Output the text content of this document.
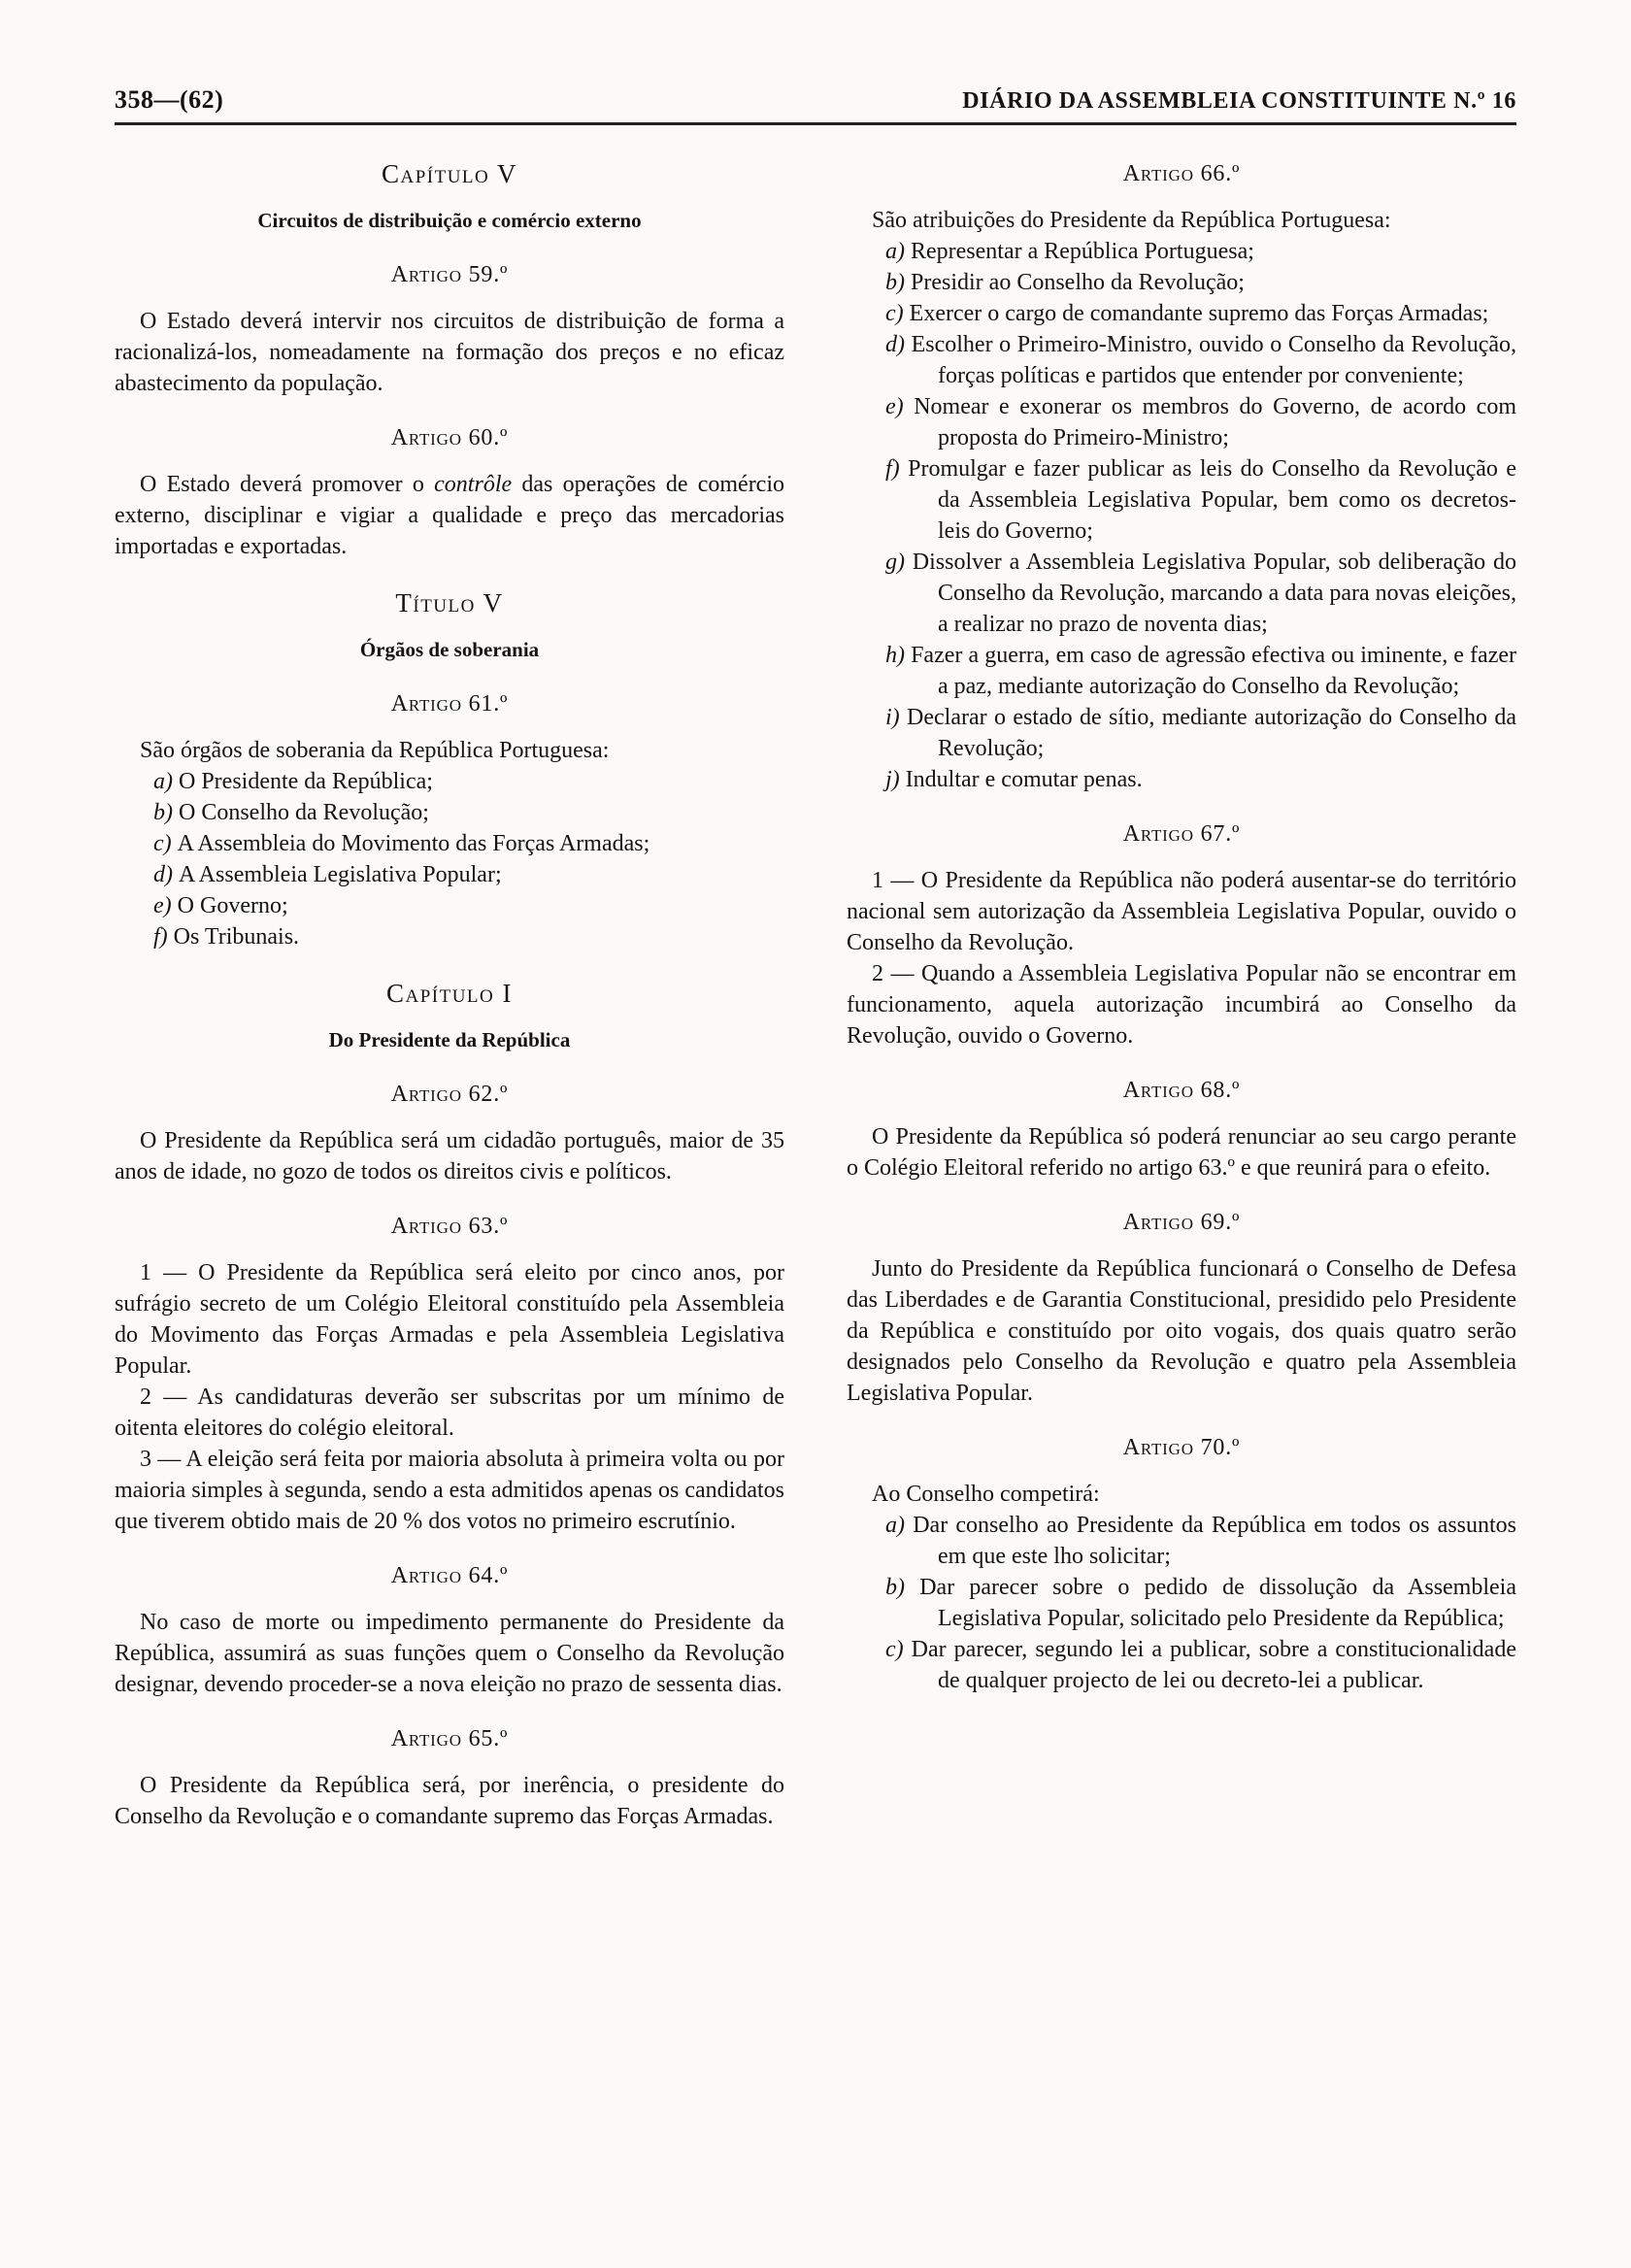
358—(62)	DIÁRIO DA ASSEMBLEIA CONSTITUINTE N.º 16
Capítulo V
Circuitos de distribuição e comércio externo
Artigo 59.º
O Estado deverá intervir nos circuitos de distribuição de forma a racionalizá-los, nomeadamente na formação dos preços e no eficaz abastecimento da população.
Artigo 60.º
O Estado deverá promover o contrôle das operações de comércio externo, disciplinar e vigiar a qualidade e preço das mercadorias importadas e exportadas.
Título V
Órgãos de soberania
Artigo 61.º
São órgãos de soberania da República Portuguesa:
a) O Presidente da República;
b) O Conselho da Revolução;
c) A Assembleia do Movimento das Forças Armadas;
d) A Assembleia Legislativa Popular;
e) O Governo;
f) Os Tribunais.
Capítulo I
Do Presidente da República
Artigo 62.º
O Presidente da República será um cidadão português, maior de 35 anos de idade, no gozo de todos os direitos civis e políticos.
Artigo 63.º
1 — O Presidente da República será eleito por cinco anos, por sufrágio secreto de um Colégio Eleitoral constituído pela Assembleia do Movimento das Forças Armadas e pela Assembleia Legislativa Popular.
2 — As candidaturas deverão ser subscritas por um mínimo de oitenta eleitores do colégio eleitoral.
3 — A eleição será feita por maioria absoluta à primeira volta ou por maioria simples à segunda, sendo a esta admitidos apenas os candidatos que tiverem obtido mais de 20 % dos votos no primeiro escrutínio.
Artigo 64.º
No caso de morte ou impedimento permanente do Presidente da República, assumirá as suas funções quem o Conselho da Revolução designar, devendo proceder-se a nova eleição no prazo de sessenta dias.
Artigo 65.º
O Presidente da República será, por inerência, o presidente do Conselho da Revolução e o comandante supremo das Forças Armadas.
Artigo 66.º
São atribuições do Presidente da República Portuguesa:
a) Representar a República Portuguesa;
b) Presidir ao Conselho da Revolução;
c) Exercer o cargo de comandante supremo das Forças Armadas;
d) Escolher o Primeiro-Ministro, ouvido o Conselho da Revolução, forças políticas e partidos que entender por conveniente;
e) Nomear e exonerar os membros do Governo, de acordo com proposta do Primeiro-Ministro;
f) Promulgar e fazer publicar as leis do Conselho da Revolução e da Assembleia Legislativa Popular, bem como os decretos-leis do Governo;
g) Dissolver a Assembleia Legislativa Popular, sob deliberação do Conselho da Revolução, marcando a data para novas eleições, a realizar no prazo de noventa dias;
h) Fazer a guerra, em caso de agressão efectiva ou iminente, e fazer a paz, mediante autorização do Conselho da Revolução;
i) Declarar o estado de sítio, mediante autorização do Conselho da Revolução;
j) Indultar e comutar penas.
Artigo 67.º
1 — O Presidente da República não poderá ausentar-se do território nacional sem autorização da Assembleia Legislativa Popular, ouvido o Conselho da Revolução.
2 — Quando a Assembleia Legislativa Popular não se encontrar em funcionamento, aquela autorização incumbirá ao Conselho da Revolução, ouvido o Governo.
Artigo 68.º
O Presidente da República só poderá renunciar ao seu cargo perante o Colégio Eleitoral referido no artigo 63.º e que reunirá para o efeito.
Artigo 69.º
Junto do Presidente da República funcionará o Conselho de Defesa das Liberdades e de Garantia Constitucional, presidido pelo Presidente da República e constituído por oito vogais, dos quais quatro serão designados pelo Conselho da Revolução e quatro pela Assembleia Legislativa Popular.
Artigo 70.º
Ao Conselho competirá:
a) Dar conselho ao Presidente da República em todos os assuntos em que este lho solicitar;
b) Dar parecer sobre o pedido de dissolução da Assembleia Legislativa Popular, solicitado pelo Presidente da República;
c) Dar parecer, segundo lei a publicar, sobre a constitucionalidade de qualquer projecto de lei ou decreto-lei a publicar.
